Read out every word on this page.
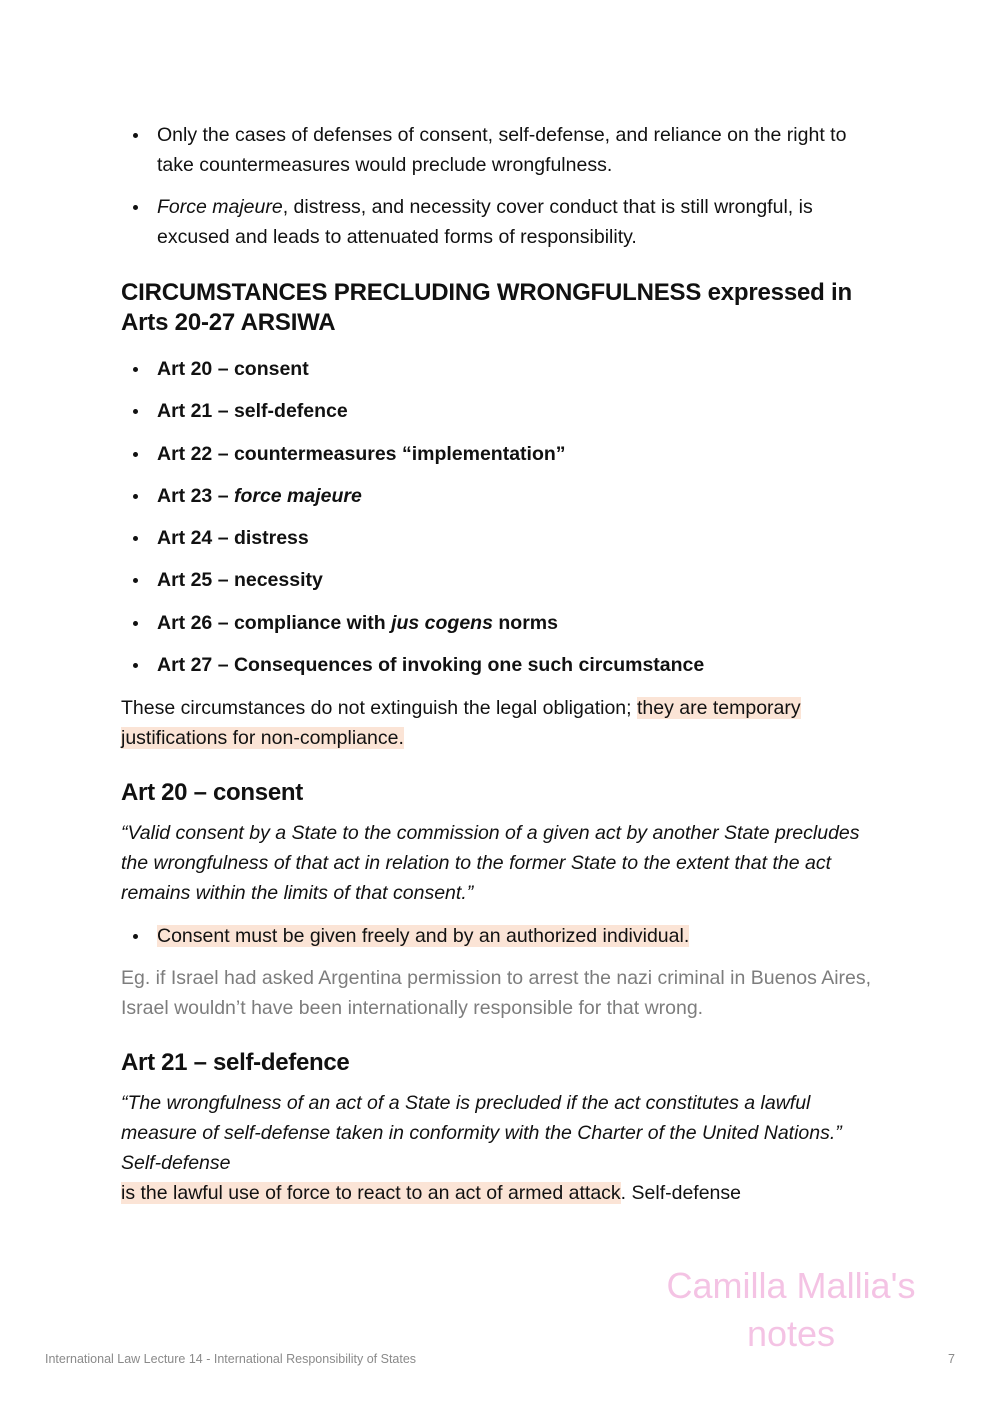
Only the cases of defenses of consent, self-defense, and reliance on the right to take countermeasures would preclude wrongfulness.
Force majeure, distress, and necessity cover conduct that is still wrongful, is excused and leads to attenuated forms of responsibility.
CIRCUMSTANCES PRECLUDING WRONGFULNESS expressed in Arts 20-27 ARSIWA
Art 20 – consent
Art 21 – self-defence
Art 22 – countermeasures “implementation”
Art 23 – force majeure
Art 24 – distress
Art 25 – necessity
Art 26 – compliance with jus cogens norms
Art 27 – Consequences of invoking one such circumstance

These circumstances do not extinguish the legal obligation; they are temporary justifications for non-compliance.

Art 20 – consent

“Valid consent by a State to the commission of a given act by another State precludes the wrongfulness of that act in relation to the former State to the extent that the act remains within the limits of that consent.”

Consent must be given freely and by an authorized individual.

Eg. if Israel had asked Argentina permission to arrest the nazi criminal in Buenos Aires, Israel wouldn’t have been internationally responsible for that wrong.

Art 21 – self-defence

“The wrongfulness of an act of a State is precluded if the act constitutes a lawful measure of self-defense taken in conformity with the Charter of the United Nations.”

Self-defense

is the lawful use of force to react to an act of armed attack. Self-defense

Camilla Mallia's
notes
International Law Lecture 14 - International Responsibility of States	7
